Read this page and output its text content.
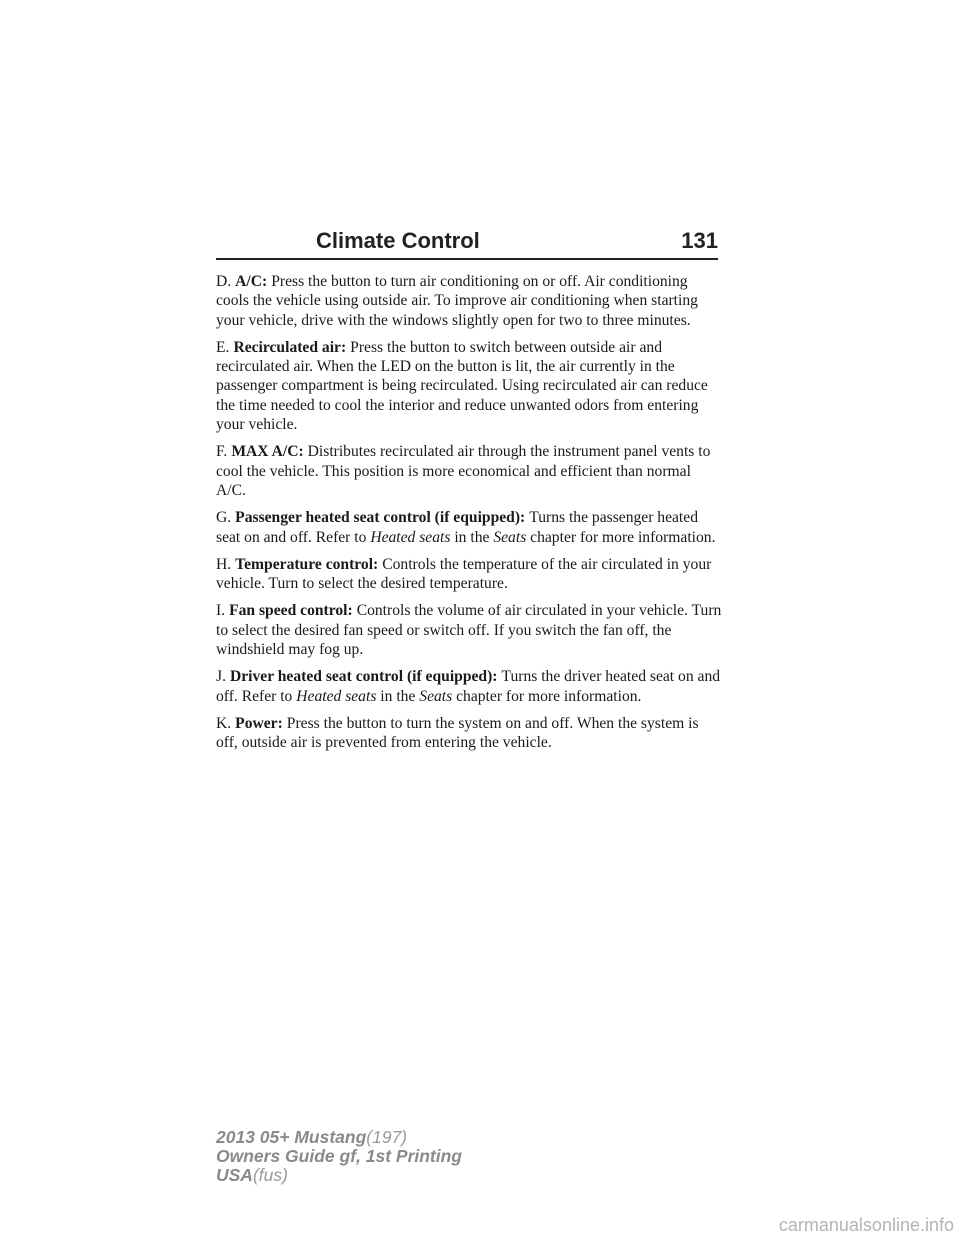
Climate Control	131

D. A/C: Press the button to turn air conditioning on or off. Air conditioning cools the vehicle using outside air. To improve air conditioning when starting your vehicle, drive with the windows slightly open for two to three minutes.

E. Recirculated air: Press the button to switch between outside air and recirculated air. When the LED on the button is lit, the air currently in the passenger compartment is being recirculated. Using recirculated air can reduce the time needed to cool the interior and reduce unwanted odors from entering your vehicle.

F. MAX A/C: Distributes recirculated air through the instrument panel vents to cool the vehicle. This position is more economical and efficient than normal A/C.

G. Passenger heated seat control (if equipped): Turns the passenger heated seat on and off. Refer to Heated seats in the Seats chapter for more information.

H. Temperature control: Controls the temperature of the air circulated in your vehicle. Turn to select the desired temperature.

I. Fan speed control: Controls the volume of air circulated in your vehicle. Turn to select the desired fan speed or switch off. If you switch the fan off, the windshield may fog up.

J. Driver heated seat control (if equipped): Turns the driver heated seat on and off. Refer to Heated seats in the Seats chapter for more information.

K. Power: Press the button to turn the system on and off. When the system is off, outside air is prevented from entering the vehicle.

2013 05+ Mustang(197)
Owners Guide gf, 1st Printing
USA(fus)
carmanualsonline.info
